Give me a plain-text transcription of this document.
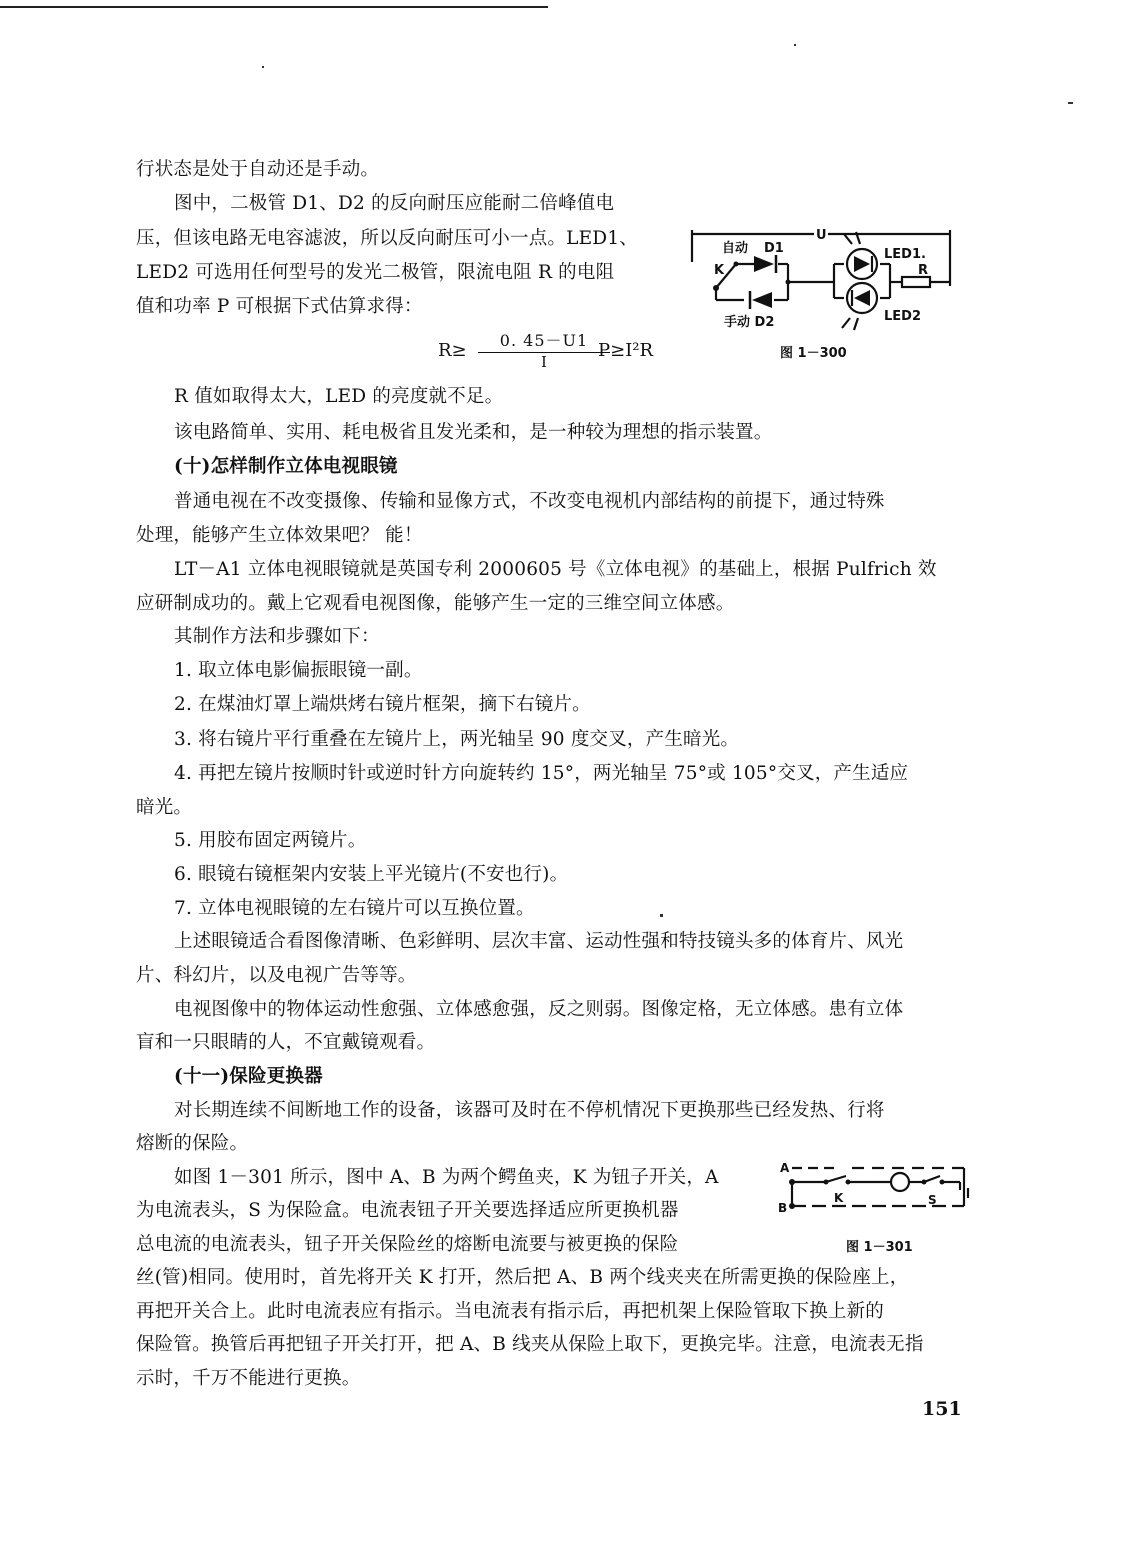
行状态是处于自动还是手动。
图中，二极管 D1、D2 的反向耐压应能耐二倍峰值电
压，但该电路无电容滤波，所以反向耐压可小一点。LED1、
LED2 可选用任何型号的发光二极管，限流电阻 R 的电阻
值和功率 P 可根据下式估算求得：
$R\ge \frac{0. 45-U1}{I}$
P≥I²R
R 值如取得太大，LED 的亮度就不足。
该电路简单、实用、耗电极省且发光柔和，是一种较为理想的指示装置。
(十)怎样制作立体电视眼镜
普通电视在不改变摄像、传输和显像方式，不改变电视机内部结构的前提下，通过特殊
处理，能够产生立体效果吧？ 能！
LT－A1 立体电视眼镜就是英国专利 2000605 号《立体电视》的基础上，根据 Pulfrich 效
应研制成功的。戴上它观看电视图像，能够产生一定的三维空间立体感。
其制作方法和步骤如下：
1. 取立体电影偏振眼镜一副。
2. 在煤油灯罩上端烘烤右镜片框架，摘下右镜片。
3. 将右镜片平行重叠在左镜片上，两光轴呈 90 度交叉，产生暗光。
4. 再把左镜片按顺时针或逆时针方向旋转约 15°，两光轴呈 75°或 105°交叉，产生适应
暗光。
5. 用胶布固定两镜片。
6. 眼镜右镜框架内安装上平光镜片(不安也行)。
7. 立体电视眼镜的左右镜片可以互换位置。
上述眼镜适合看图像清晰、色彩鲜明、层次丰富、运动性强和特技镜头多的体育片、风光
片、科幻片，以及电视广告等等。
电视图像中的物体运动性愈强、立体感愈强，反之则弱。图像定格，无立体感。患有立体
盲和一只眼睛的人，不宜戴镜观看。
(十一)保险更换器
对长期连续不间断地工作的设备，该器可及时在不停机情况下更换那些已经发热、行将
熔断的保险。
如图 1－301 所示，图中 A、B 为两个鳄鱼夹，K 为钮子开关，A
为电流表头，S 为保险盒。电流表钮子开关要选择适应所更换机器
总电流的电流表头，钮子开关保险丝的熔断电流要与被更换的保险
丝(管)相同。使用时，首先将开关 K 打开，然后把 A、B 两个线夹夹在所需更换的保险座上，
再把开关合上。此时电流表应有指示。当电流表有指示后，再把机架上保险管取下换上新的
保险管。换管后再把钮子开关打开，把 A、B 线夹从保险上取下，更换完毕。注意，电流表无指
示时，千万不能进行更换。
U
自动 D1
K
手动 D2
LED1.
R
LED2
图 1－300
A
B
K	S
图 1－301
151
